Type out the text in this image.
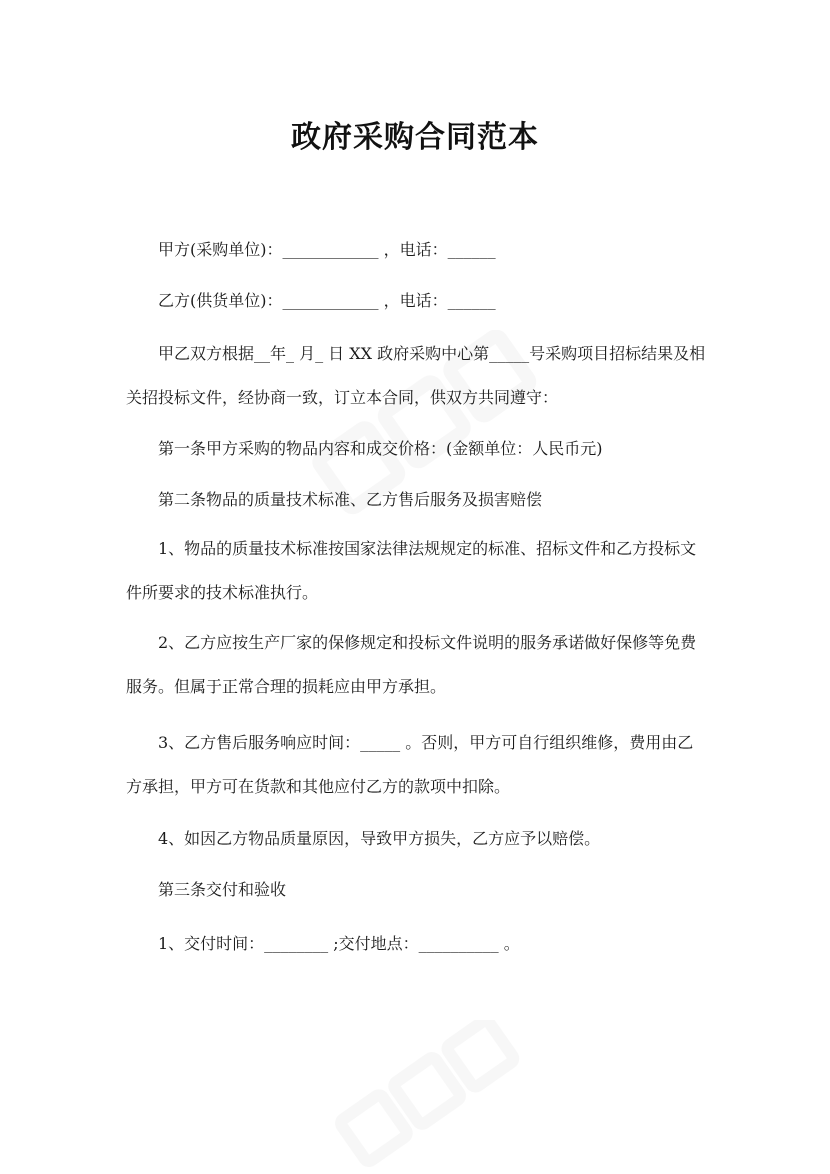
政府采购合同范本

甲方(采购单位)：____________ ，电话：______

乙方(供货单位)：____________ ，电话：______

甲乙双方根据__年_ 月_ 日 XX 政府采购中心第_____号采购项目招标结果及相关招投标文件，经协商一致，订立本合同，供双方共同遵守：

第一条甲方采购的物品内容和成交价格：(金额单位：人民币元)

第二条物品的质量技术标准、乙方售后服务及损害赔偿

1、物品的质量技术标准按国家法律法规规定的标准、招标文件和乙方投标文件所要求的技术标准执行。

2、乙方应按生产厂家的保修规定和投标文件说明的服务承诺做好保修等免费服务。但属于正常合理的损耗应由甲方承担。

3、乙方售后服务响应时间：_____ 。否则，甲方可自行组织维修，费用由乙方承担，甲方可在货款和其他应付乙方的款项中扣除。

4、如因乙方物品质量原因，导致甲方损失，乙方应予以赔偿。

第三条交付和验收

1、交付时间：________ ;交付地点：__________ 。
